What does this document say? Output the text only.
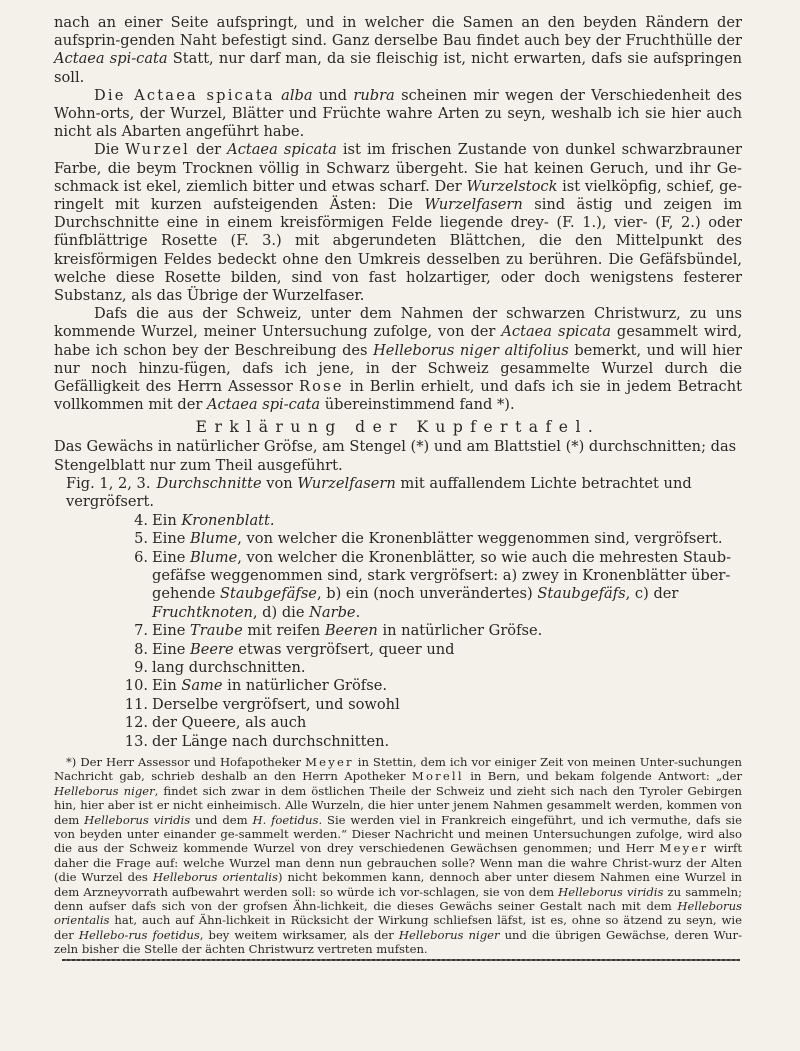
nach an einer Seite aufspringt, und in welcher die Samen an den beyden Rändern der aufsprin-genden Naht befestigt sind. Ganz derselbe Bau findet auch bey der Fruchthülle der Actaea spi-cata Statt, nur darf man, da sie fleischig ist, nicht erwarten, dafs sie aufspringen soll.

Die Actaea spicata alba und rubra scheinen mir wegen der Verschiedenheit des Wohn-orts, der Wurzel, Blätter und Früchte wahre Arten zu seyn, weshalb ich sie hier auch nicht als Abarten angeführt habe.

Die Wurzel der Actaea spicata ist im frischen Zustande von dunkel schwarzbrauner Farbe, die beym Trocknen völlig in Schwarz übergeht. Sie hat keinen Geruch, und ihr Ge-schmack ist ekel, ziemlich bitter und etwas scharf. Der Wurzelstock ist vielköpfig, schief, ge-ringelt mit kurzen aufsteigenden Ästen: Die Wurzelfasern sind ästig und zeigen im Durchschnitte eine in einem kreisförmigen Felde liegende drey- (F. 1.), vier- (F, 2.) oder fünfblättrige Rosette (F. 3.) mit abgerundeten Blättchen, die den Mittelpunkt des kreisförmigen Feldes bedeckt ohne den Umkreis desselben zu berühren. Die Gefäfsbündel, welche diese Rosette bilden, sind von fast holzartiger, oder doch wenigstens festerer Substanz, als das Übrige der Wurzelfaser.

Dafs die aus der Schweiz, unter dem Nahmen der schwarzen Christwurz, zu uns kommende Wurzel, meiner Untersuchung zufolge, von der Actaea spicata gesammelt wird, habe ich schon bey der Beschreibung des Helleborus niger altifolius bemerkt, und will hier nur noch hinzu-fügen, dafs ich jene, in der Schweiz gesammelte Wurzel durch die Gefälligkeit des Herrn Assessor Rose in Berlin erhielt, und dafs ich sie in jedem Betracht vollkommen mit der Actaea spi-cata übereinstimmend fand *).

Erklärung der Kupfertafel.

Das Gewächs in natürlicher Gröfse, am Stengel (*) und am Blattstiel (*) durchschnitten; das Stengelblatt nur zum Theil ausgeführt.

Fig. 1, 2, 3. Durchschnitte von Wurzelfasern mit auffallendem Lichte betrachtet und vergröfsert.
4. Ein Kronenblatt.
5. Eine Blume, von welcher die Kronenblätter weggenommen sind, vergröfsert.
6. Eine Blume, von welcher die Kronenblätter, so wie auch die mehresten Staub-gefäfse weggenommen sind, stark vergröfsert: a) zwey in Kronenblätter über-gehende Staubgefäfse, b) ein (noch unverändertes) Staubgefäfs, c) der Fruchtknoten, d) die Narbe.
7. Eine Traube mit reifen Beeren in natürlicher Gröfse.
8. Eine Beere etwas vergröfsert, queer und
9. lang durchschnitten.
10. Ein Same in natürlicher Gröfse.
11. Derselbe vergröfsert, und sowohl
12. der Queere, als auch
13. der Länge nach durchschnitten.
*) Der Herr Assessor und Hofapotheker Meyer in Stettin, dem ich vor einiger Zeit von meinen Unter-suchungen Nachricht gab, schrieb deshalb an den Herrn Apotheker Morell in Bern, und bekam folgende Antwort: „der Helleborus niger, findet sich zwar in dem östlichen Theile der Schweiz und zieht sich nach den Tyroler Gebirgen hin, hier aber ist er nicht einheimisch. Alle Wurzeln, die hier unter jenem Nahmen gesammelt werden, kommen von dem Helleborus viridis und dem H. foetidus. Sie werden viel in Frankreich eingeführt, und ich vermuthe, dafs sie von beyden unter einander ge-sammelt werden.“ Dieser Nachricht und meinen Untersuchungen zufolge, wird also die aus der Schweiz kommende Wurzel von drey verschiedenen Gewächsen genommen; und Herr Meyer wirft daher die Frage auf: welche Wurzel man denn nun gebrauchen solle? Wenn man die wahre Christ-wurz der Alten (die Wurzel des Helleborus orientalis) nicht bekommen kann, dennoch aber unter diesem Nahmen eine Wurzel in dem Arzneyvorrath aufbewahrt werden soll: so würde ich vor-schlagen, sie von dem Helleborus viridis zu sammeln; denn aufser dafs sich von der grofsen Ähn-lichkeit, die dieses Gewächs seiner Gestalt nach mit dem Helleborus orientalis hat, auch auf Ähn-lichkeit in Rücksicht der Wirkung schliefsen läfst, ist es, ohne so ätzend zu seyn, wie der Hellebo-rus foetidus, bey weitem wirksamer, als der Helleborus niger und die übrigen Gewächse, deren Wur-zeln bisher die Stelle der ächten Christwurz vertreten mufsten.
